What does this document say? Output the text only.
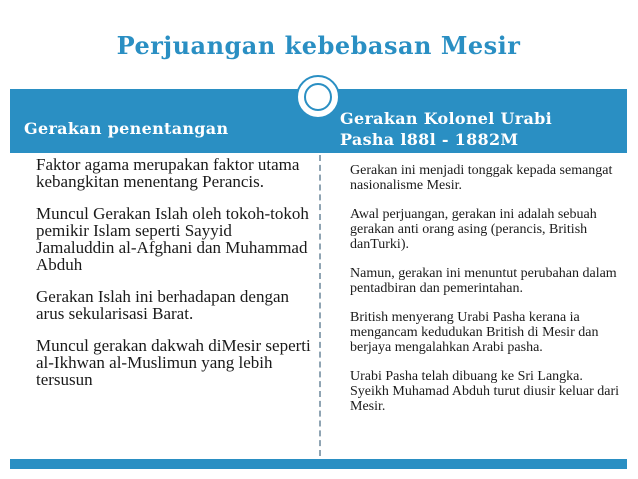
Perjuangan kebebasan Mesir
Gerakan penentangan
Gerakan Kolonel Urabi Pasha l88l - 1882M
Faktor agama merupakan faktor utama kebangkitan menentang Perancis.
Muncul Gerakan Islah oleh tokoh-tokoh pemikir Islam seperti Sayyid Jamaluddin al-Afghani dan Muhammad Abduh
Gerakan Islah ini berhadapan dengan arus sekularisasi Barat.
Muncul gerakan dakwah diMesir seperti al-Ikhwan al-Muslimun yang lebih tersusun
Gerakan ini menjadi tonggak kepada semangat nasionalisme Mesir.
Awal perjuangan, gerakan ini adalah sebuah gerakan anti orang asing (perancis, British danTurki).
Namun, gerakan ini menuntut perubahan dalam pentadbiran dan pemerintahan.
British menyerang Urabi Pasha kerana ia mengancam kedudukan British di Mesir dan berjaya mengalahkan Arabi pasha.
Urabi Pasha telah dibuang ke Sri Langka. Syeikh Muhamad Abduh turut diusir keluar dari Mesir.
